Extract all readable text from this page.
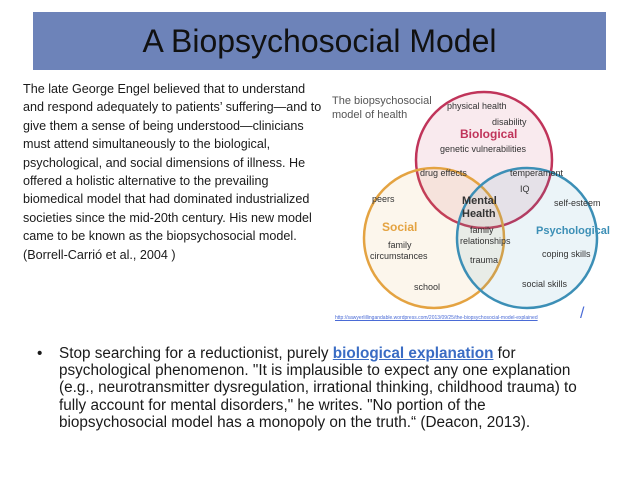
A Biopsychosocial Model

The late George Engel believed that to understand and respond adequately to patients’ suffering—and to give them a sense of being understood—clinicians must attend simultaneously to the biological, psychological, and social dimensions of illness. He offered a holistic alternative to the prevailing biomedical model that had dominated industrialized societies since the mid-20th century. His new model came to be known as the biopsychosocial model.

(Borrell-Carrió et al., 2004 )

The biopsychosocial
model of health
physical health
disability
genetic vulnerabilities
drug effects	temperament
IQ
peers	self-esteem
family
relationships
family
circumstances	trauma
coping skills
school	social skills
Biological
Social	Psychological
Mental
Health
http://sawyerlillingandable.wordpress.com/2013/09/25/the-biopsychosocial-model-explained	/
•	Stop searching for a reductionist, purely biological explanation for psychological phenomenon. "It is implausible to expect any one explanation (e.g., neurotransmitter dysregulation, irrational thinking, childhood trauma) to fully account for mental disorders," he writes. "No portion of the biopsychosocial model has a monopoly on the truth.“ (Deacon, 2013).
